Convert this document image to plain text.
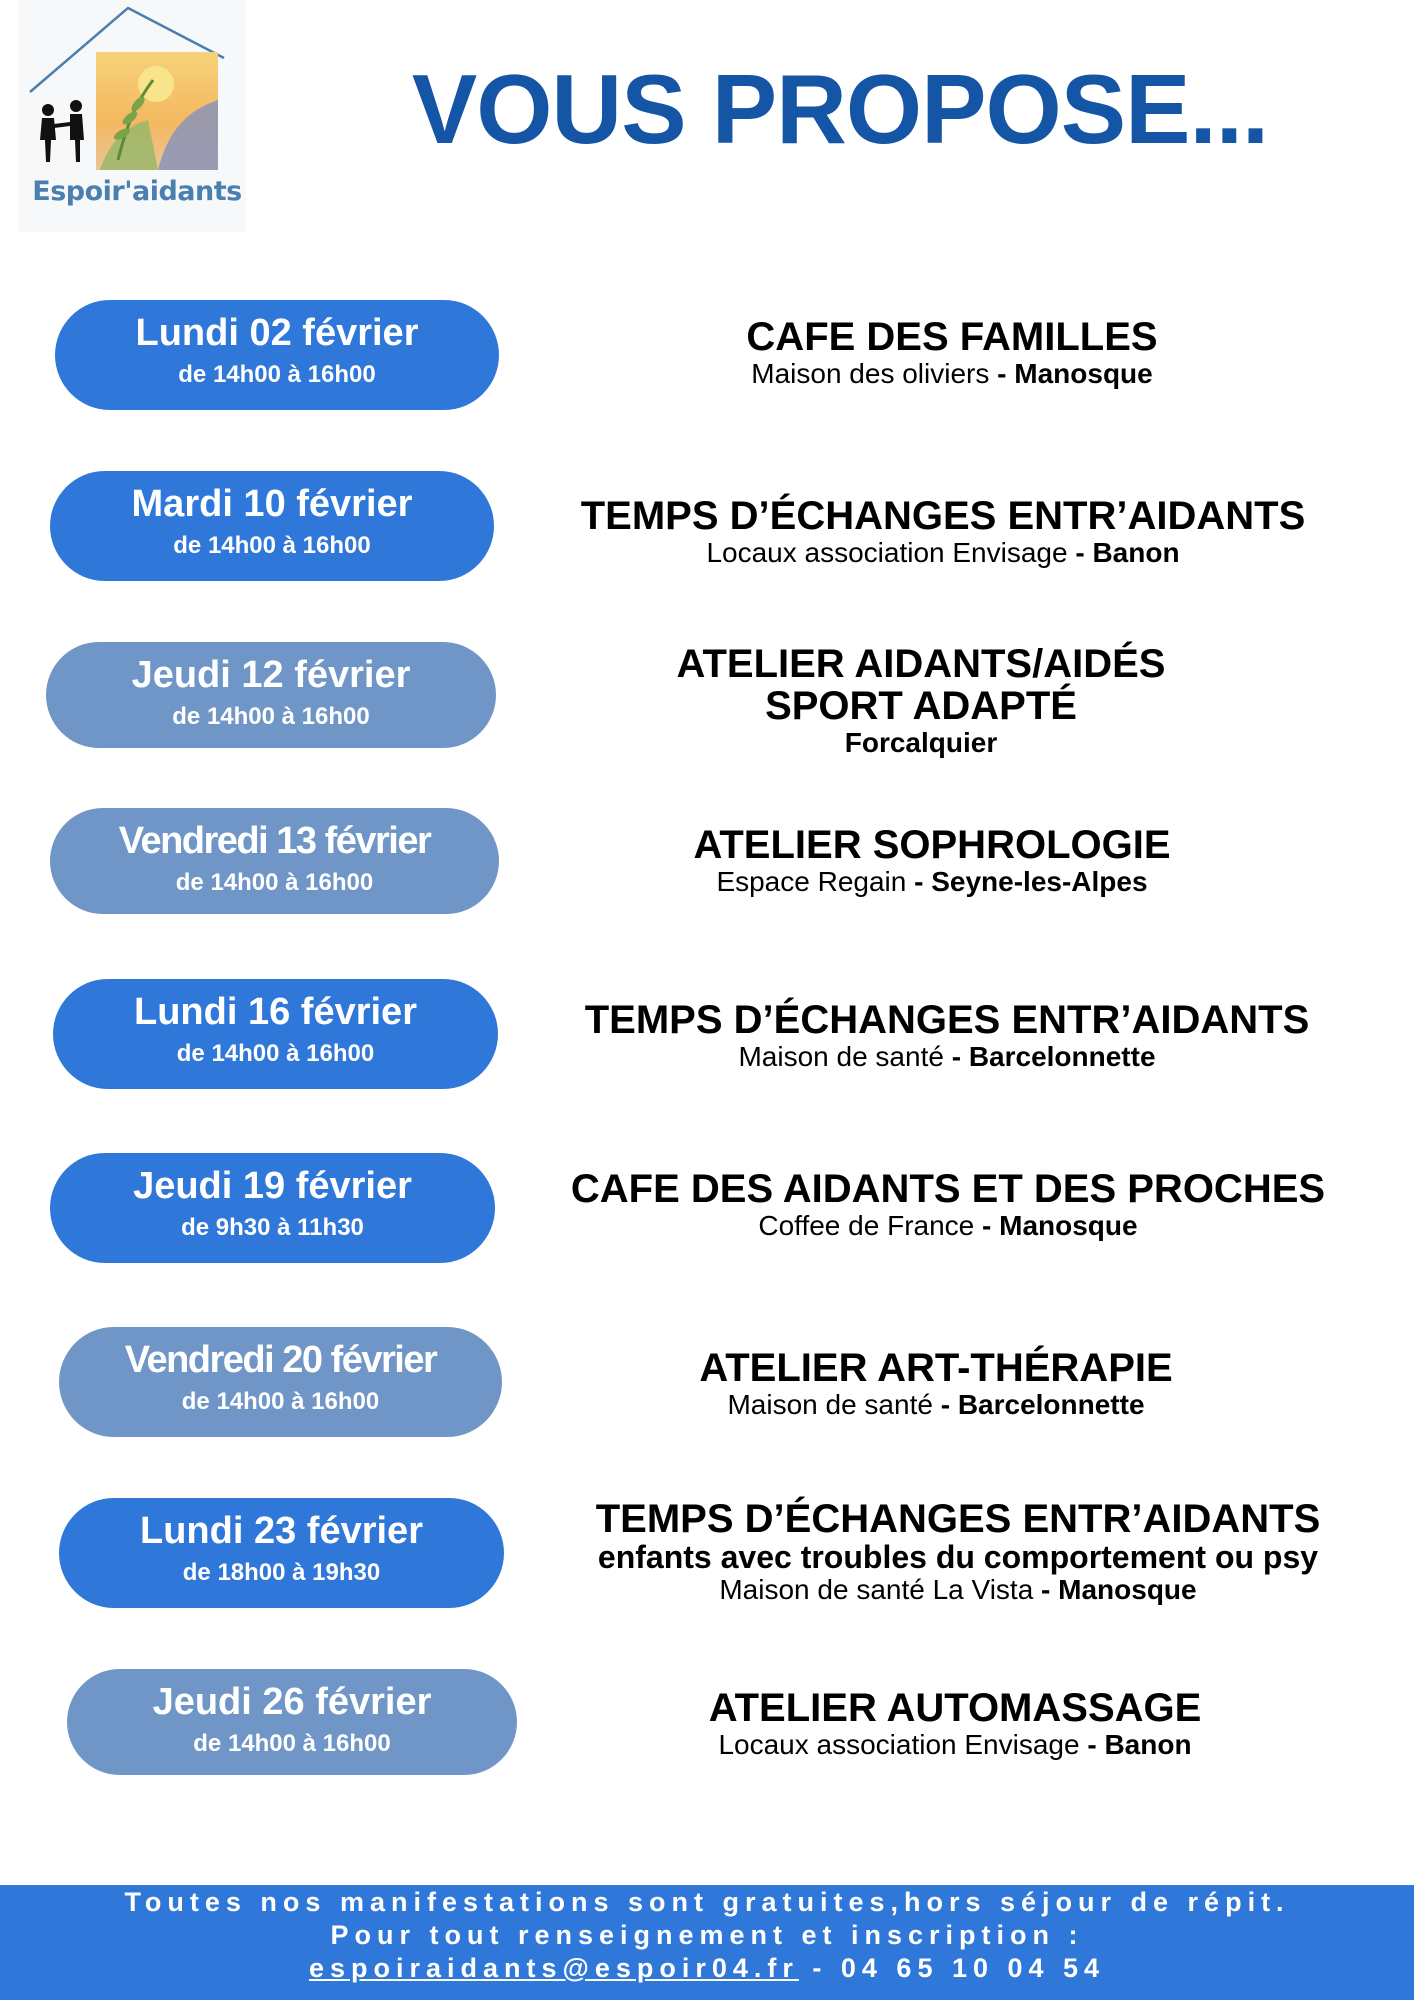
Espoir'aidants
VOUS PROPOSE...
Lundi 02 février
de 14h00 à 16h00
CAFE DES FAMILLES
Maison des oliviers - Manosque
Mardi 10 février
de 14h00 à 16h00
TEMPS D’ÉCHANGES ENTR’AIDANTS
Locaux association Envisage - Banon
Jeudi 12 février
de 14h00 à 16h00
ATELIER AIDANTS/AIDÉS
SPORT ADAPTÉ
Forcalquier
Vendredi 13 février
de 14h00 à 16h00
ATELIER SOPHROLOGIE
Espace Regain - Seyne-les-Alpes
Lundi 16 février
de 14h00 à 16h00
TEMPS D’ÉCHANGES ENTR’AIDANTS
Maison de santé - Barcelonnette
Jeudi 19 février
de 9h30 à 11h30
CAFE DES AIDANTS ET DES PROCHES
Coffee de France - Manosque
Vendredi 20 février
de 14h00 à 16h00
ATELIER ART-THÉRAPIE
Maison de santé - Barcelonnette
Lundi 23 février
de 18h00 à 19h30
TEMPS D’ÉCHANGES ENTR’AIDANTS
enfants avec troubles du comportement ou psy
Maison de santé La Vista - Manosque
Jeudi 26 février
de 14h00 à 16h00
ATELIER AUTOMASSAGE
Locaux association Envisage - Banon
Toutes nos manifestations sont gratuites,hors séjour de répit.
Pour tout renseignement et inscription :
espoiraidants@espoir04.fr - 04 65 10 04 54
